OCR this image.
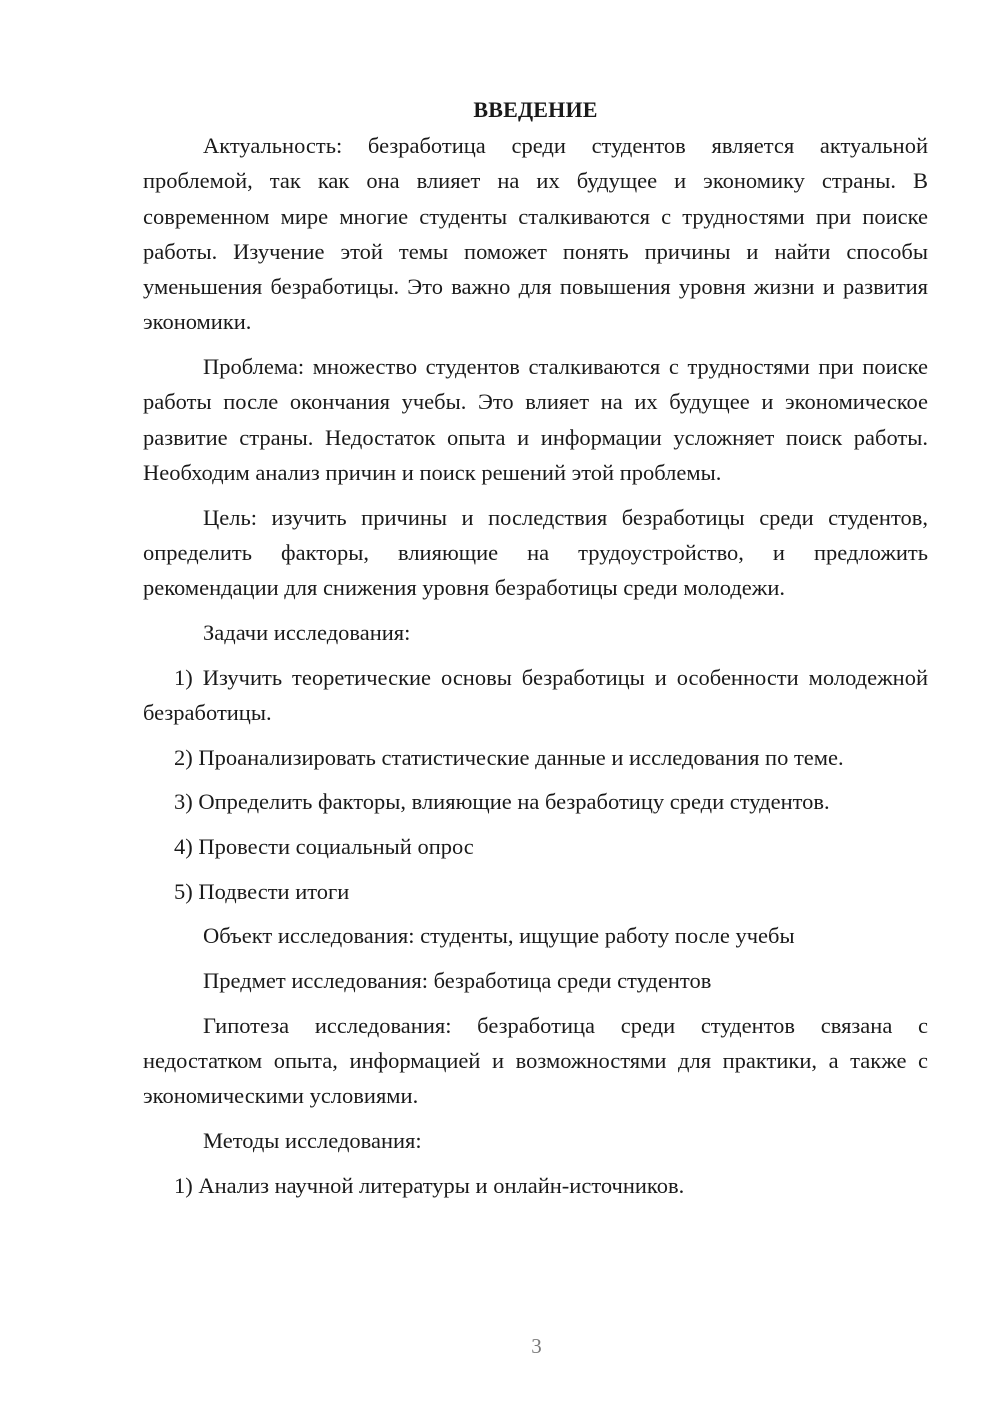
ВВЕДЕНИЕ
Актуальность: безработица среди студентов является актуальной проблемой, так как она влияет на их будущее и экономику страны. В современном мире многие студенты сталкиваются с трудностями при поиске работы. Изучение этой темы поможет понять причины и найти способы уменьшения безработицы. Это важно для повышения уровня жизни и развития экономики.
Проблема: множество студентов сталкиваются с трудностями при поиске работы после окончания учебы. Это влияет на их будущее и экономическое развитие страны. Недостаток опыта и информации усложняет поиск работы. Необходим анализ причин и поиск решений этой проблемы.
Цель: изучить причины и последствия безработицы среди студентов, определить факторы, влияющие на трудоустройство, и предложить рекомендации для снижения уровня безработицы среди молодежи.
Задачи исследования:
1) Изучить теоретические основы безработицы и особенности молодежной безработицы.
2) Проанализировать статистические данные и исследования по теме.
3) Определить факторы, влияющие на безработицу среди студентов.
4) Провести социальный опрос
5) Подвести итоги
Объект исследования: студенты, ищущие работу после учебы
Предмет исследования: безработица среди студентов
Гипотеза исследования: безработица среди студентов связана с недостатком опыта, информацией и возможностями для практики, а также с экономическими условиями.
Методы исследования:
1) Анализ научной литературы и онлайн-источников.
3
